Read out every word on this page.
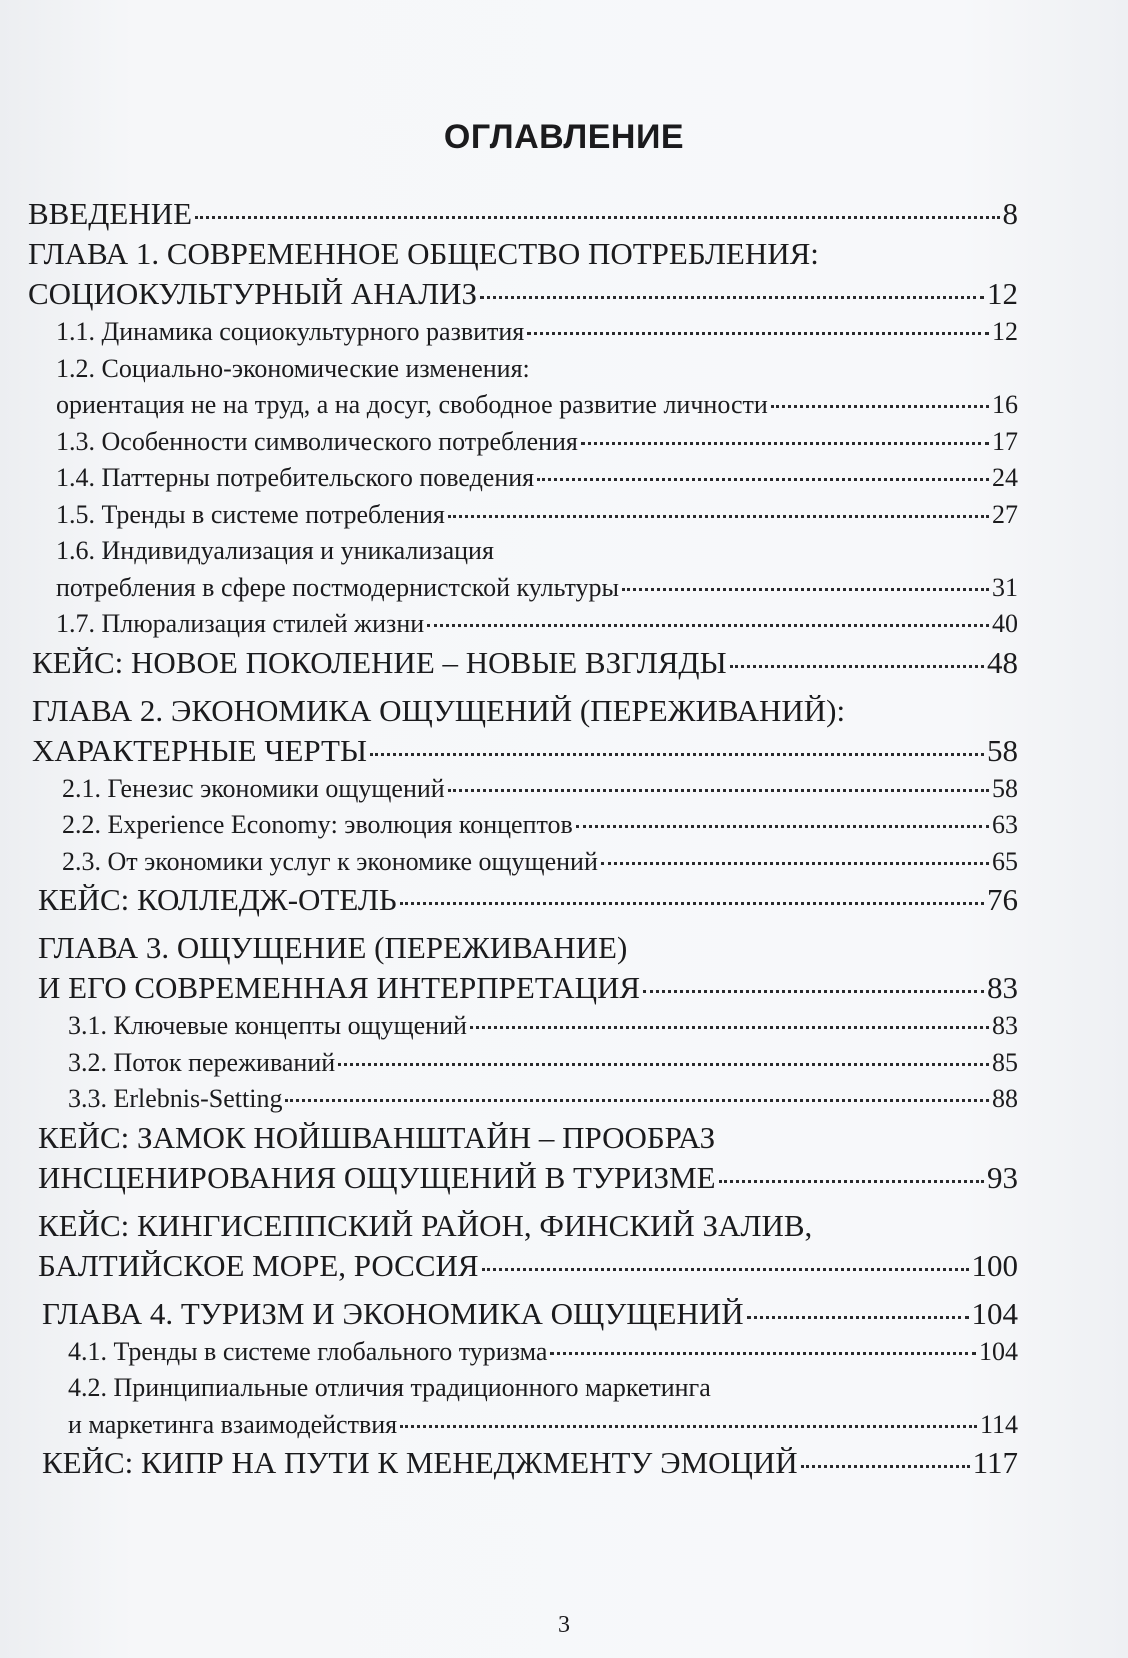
ОГЛАВЛЕНИЕ
ВВЕДЕНИЕ	8
ГЛАВА 1. СОВРЕМЕННОЕ ОБЩЕСТВО ПОТРЕБЛЕНИЯ:
СОЦИОКУЛЬТУРНЫЙ АНАЛИЗ	12
1.1. Динамика социокультурного развития	12
1.2. Социально-экономические изменения:
ориентация не на труд, а на досуг, свободное развитие личности	16
1.3. Особенности символического потребления	17
1.4. Паттерны потребительского поведения	24
1.5. Тренды в системе потребления	27
1.6. Индивидуализация и уникализация
потребления в сфере постмодернистской культуры	31
1.7. Плюрализация стилей жизни	40
КЕЙС: НОВОЕ ПОКОЛЕНИЕ – НОВЫЕ ВЗГЛЯДЫ	48
ГЛАВА 2. ЭКОНОМИКА ОЩУЩЕНИЙ (ПЕРЕЖИВАНИЙ):
ХАРАКТЕРНЫЕ ЧЕРТЫ	58
2.1. Генезис экономики ощущений	58
2.2. Experience Economy: эволюция концептов	63
2.3. От экономики услуг к экономике ощущений	65
КЕЙС: КОЛЛЕДЖ-ОТЕЛЬ	76
ГЛАВА 3. ОЩУЩЕНИЕ (ПЕРЕЖИВАНИЕ)
И ЕГО СОВРЕМЕННАЯ ИНТЕРПРЕТАЦИЯ	83
3.1. Ключевые концепты ощущений	83
3.2. Поток переживаний	85
3.3. Erlebnis-Setting	88
КЕЙС: ЗАМОК НОЙШВАНШТАЙН – ПРООБРАЗ
ИНСЦЕНИРОВАНИЯ ОЩУЩЕНИЙ В ТУРИЗМЕ	93
КЕЙС: КИНГИСЕППСКИЙ РАЙОН, ФИНСКИЙ ЗАЛИВ,
БАЛТИЙСКОЕ МОРЕ, РОССИЯ	100
ГЛАВА 4. ТУРИЗМ И ЭКОНОМИКА ОЩУЩЕНИЙ	104
4.1. Тренды в системе глобального туризма	104
4.2. Принципиальные отличия традиционного маркетинга
и маркетинга взаимодействия	114
КЕЙС: КИПР НА ПУТИ К МЕНЕДЖМЕНТУ ЭМОЦИЙ	117
3
